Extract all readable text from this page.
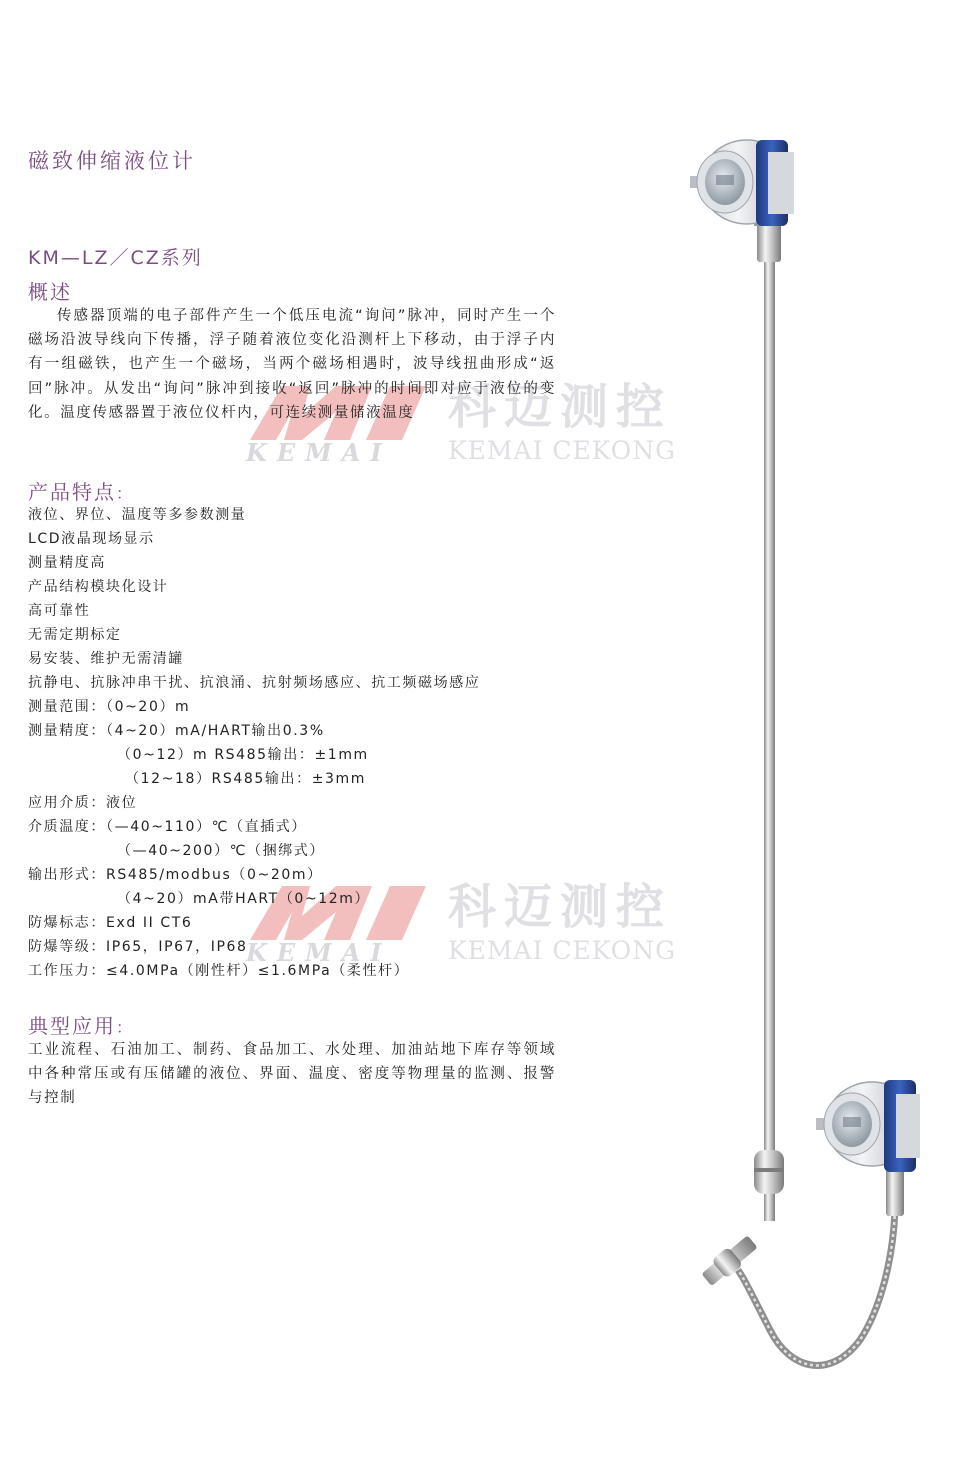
KEMAI
科迈测控
KEMAI CEKONG
KEMAI
科迈测控
KEMAI CEKONG
磁致伸缩液位计
KM—LZ／CZ系列
概述

传感器顶端的电子部件产生一个低压电流“询问”脉冲，同时产生一个磁场沿波导线向下传播，浮子随着液位变化沿测杆上下移动，由于浮子内有一组磁铁，也产生一个磁场，当两个磁场相遇时，波导线扭曲形成“返回”脉冲。从发出“询问”脉冲到接收“返回”脉冲的时间即对应于液位的变化。温度传感器置于液位仪杆内，可连续测量储液温度

产品特点：
液位、界位、温度等多参数测量
LCD液晶现场显示
测量精度高
产品结构模块化设计
高可靠性
无需定期标定
易安装、维护无需清罐
抗静电、抗脉冲串干扰、抗浪涌、抗射频场感应、抗工频磁场感应
测量范围：（0~20）m
测量精度：（4~20）mA/HART输出0.3%
（0~12）m RS485输出：±1mm
（12~18）RS485输出：±3mm
应用介质：液位
介质温度：（—40~110）℃（直插式）
（—40~200）℃（捆绑式）
输出形式：RS485/modbus（0~20m）
（4~20）mA带HART（0~12m）
防爆标志：Exd II CT6
防爆等级：IP65，IP67，IP68
工作压力：≤4.0MPa（刚性杆）≤1.6MPa（柔性杆）
典型应用：

工业流程、石油加工、制药、食品加工、水处理、加油站地下库存等领域中各种常压或有压储罐的液位、界面、温度、密度等物理量的监测、报警与控制
